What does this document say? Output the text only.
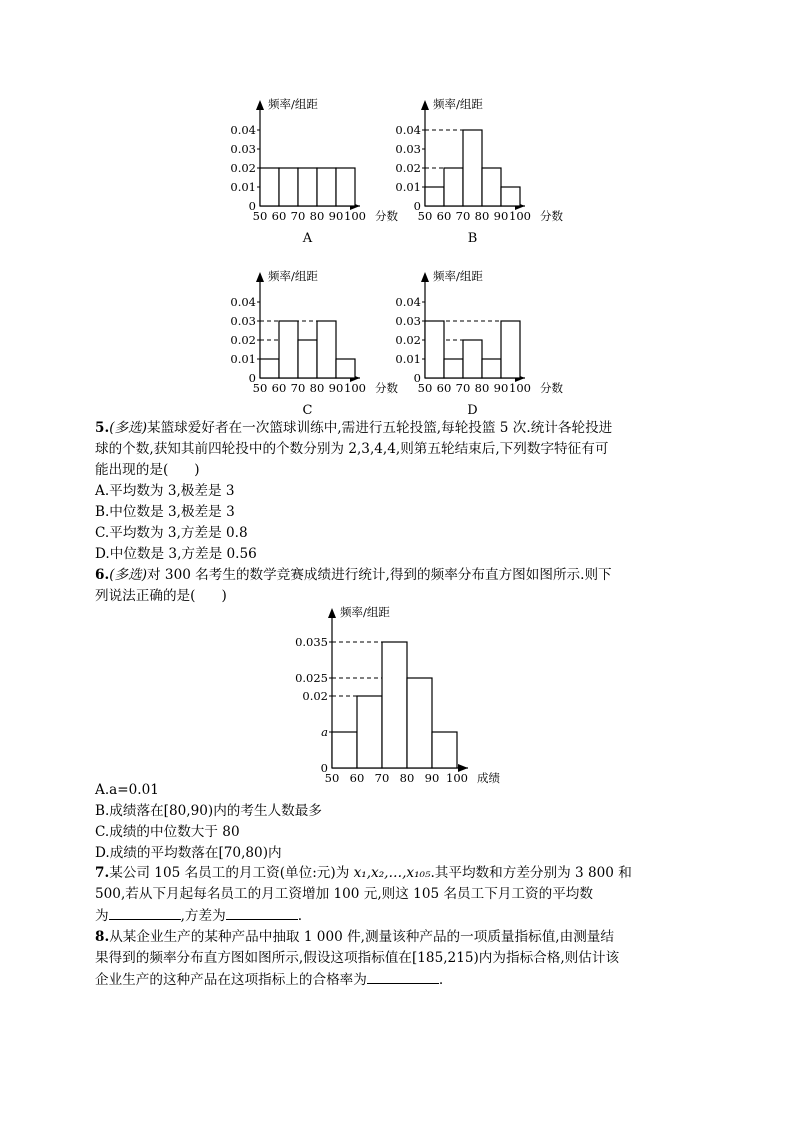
频率/组距
0.04
0.03
0.02
0.01
0
50 60 70 80 90 100 分数
A
频率/组距
0.04
0.03
0.02
0.01
0
50 60 70 80 90 100 分数
B
频率/组距
0.04
0.03
0.02
0.01
0
50 60 70 80 90 100 分数
C
频率/组距
0.04
0.03
0.02
0.01
0
50 60 70 80 90 100 分数
D
5.(多选)某篮球爱好者在一次篮球训练中,需进行五轮投篮,每轮投篮 5 次.统计各轮投进
球的个数,获知其前四轮投中的个数分别为 2,3,4,4,则第五轮结束后,下列数字特征有可
能出现的是( )
A.平均数为 3,极差是 3
B.中位数是 3,极差是 3
C.平均数为 3,方差是 0.8
D.中位数是 3,方差是 0.56
6.(多选)对 300 名考生的数学竞赛成绩进行统计,得到的频率分布直方图如图所示.则下
列说法正确的是( )
频率/组距
0.035
0.025
0.02
a
0
50 60 70 80 90 100 成绩
A.a=0.01
B.成绩落在[80,90)内的考生人数最多
C.成绩的中位数大于 80
D.成绩的平均数落在[70,80)内
7.某公司 105 名员工的月工资(单位:元)为 x₁,x₂,…,x₁₀₅.其平均数和方差分别为 3 800 和
500,若从下月起每名员工的月工资增加 100 元,则这 105 名员工下月工资的平均数
为	,方差为	.
8.从某企业生产的某种产品中抽取 1 000 件,测量该种产品的一项质量指标值,由测量结
果得到的频率分布直方图如图所示,假设这项指标值在[185,215)内为指标合格,则估计该
企业生产的这种产品在这项指标上的合格率为	.
